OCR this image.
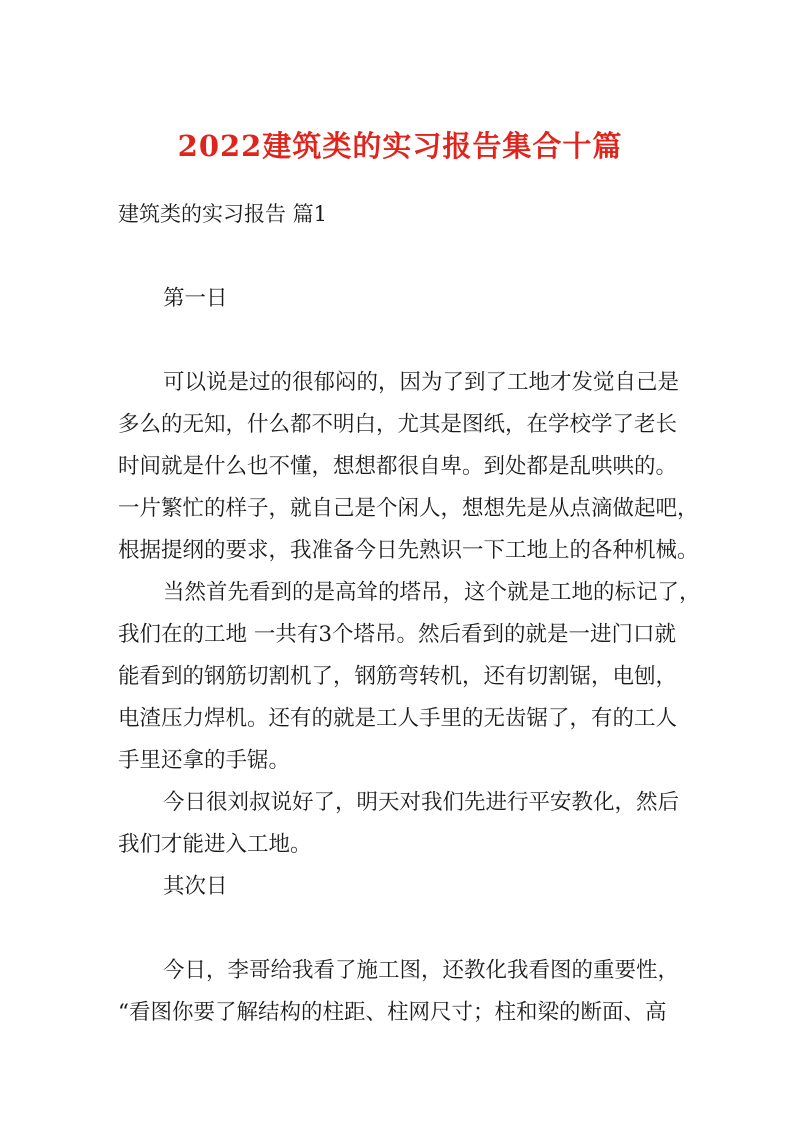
2022建筑类的实习报告集合十篇
建筑类的实习报告 篇1
第一日
可以说是过的很郁闷的，因为了到了工地才发觉自己是
多么的无知，什么都不明白，尤其是图纸，在学校学了老长
时间就是什么也不懂，想想都很自卑。到处都是乱哄哄的。
一片繁忙的样子，就自己是个闲人，想想先是从点滴做起吧，
根据提纲的要求，我准备今日先熟识一下工地上的各种机械。
当然首先看到的是高耸的塔吊，这个就是工地的标记了，
我们在的工地 一共有3个塔吊。然后看到的就是一进门口就
能看到的钢筋切割机了，钢筋弯转机，还有切割锯，电刨，
电渣压力焊机。还有的就是工人手里的无齿锯了，有的工人
手里还拿的手锯。
今日很刘叔说好了，明天对我们先进行平安教化，然后
我们才能进入工地。
其次日
今日，李哥给我看了施工图，还教化我看图的重要性，
“看图你要了解结构的柱距、柱网尺寸；柱和梁的断面、高
